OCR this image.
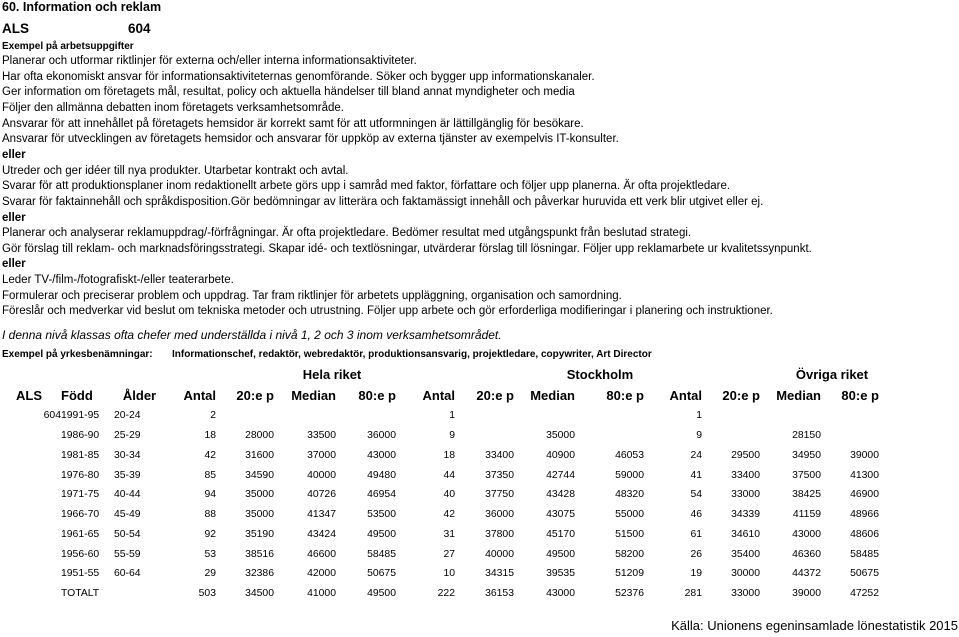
60. Information och reklam
ALS	604
Exempel på arbetsuppgifter
Planerar och utformar riktlinjer för externa och/eller interna informationsaktiviteter.
Har ofta ekonomiskt ansvar för informationsaktiviteternas genomförande. Söker och bygger upp informationskanaler.
Ger information om företagets mål, resultat, policy och aktuella händelser till bland annat myndigheter och media
Följer den allmänna debatten inom företagets verksamhetsområde.
Ansvarar för att innehållet på företagets hemsidor är korrekt samt för att utformningen är lättillgänglig för besökare.
Ansvarar för utvecklingen av företagets hemsidor och ansvarar för uppköp av externa tjänster av exempelvis IT-konsulter.
eller
Utreder och ger idéer till nya produkter. Utarbetar kontrakt och avtal.
Svarar för att produktionsplaner inom redaktionellt arbete görs upp i samråd med faktor, författare och följer upp planerna. Är ofta projektledare.
Svarar för faktainnehåll och språkdisposition.Gör bedömningar av litterära och faktamässigt innehåll och påverkar huruvida ett verk blir utgivet eller ej.
eller
Planerar och analyserar reklamuppdrag/-förfrågningar. Är ofta projektledare. Bedömer resultat med utgångspunkt från beslutad strategi.
Gör förslag till reklam- och marknadsföringsstrategi. Skapar idé- och textlösningar, utvärderar förslag till lösningar. Följer upp reklamarbete ur kvalitetssynpunkt.
eller
Leder TV-/film-/fotografiskt-/eller teaterarbete.
Formulerar och preciserar problem och uppdrag. Tar fram riktlinjer för arbetets uppläggning, organisation och samordning.
Föreslår och medverkar vid beslut om tekniska metoder och utrustning. Följer upp arbete och gör erforderliga modifieringar i planering och instruktioner.
I denna nivå klassas ofta chefer med underställda i nivå 1, 2 och 3 inom verksamhetsområdet.
Exempel på yrkesbenämningar: Informationschef, redaktör, webredaktör, produktionsansvarig, projektledare, copywriter, Art Director
Hela riket	Stockholm	Övriga riket
ALS	Född	Ålder	Antal	20:e p	Median	80:e p	Antal	20:e p	Median	80:e p	Antal	20:e p	Median	80:e p
604	1991-95	20-24	2				1				1			
	1986-90	25-29	18	28000	33500	36000	9		35000		9		28150	
	1981-85	30-34	42	31600	37000	43000	18	33400	40900	46053	24	29500	34950	39000
	1976-80	35-39	85	34590	40000	49480	44	37350	42744	59000	41	33400	37500	41300
	1971-75	40-44	94	35000	40726	46954	40	37750	43428	48320	54	33000	38425	46900
	1966-70	45-49	88	35000	41347	53500	42	36000	43075	55000	46	34339	41159	48966
	1961-65	50-54	92	35190	43424	49500	31	37800	45170	51500	61	34610	43000	48606
	1956-60	55-59	53	38516	46600	58485	27	40000	49500	58200	26	35400	46360	58485
	1951-55	60-64	29	32386	42000	50675	10	34315	39535	51209	19	30000	44372	50675
	TOTALT		503	34500	41000	49500	222	36153	43000	52376	281	33000	39000	47252
Källa: Unionens egeninsamlade lönestatistik 2015
